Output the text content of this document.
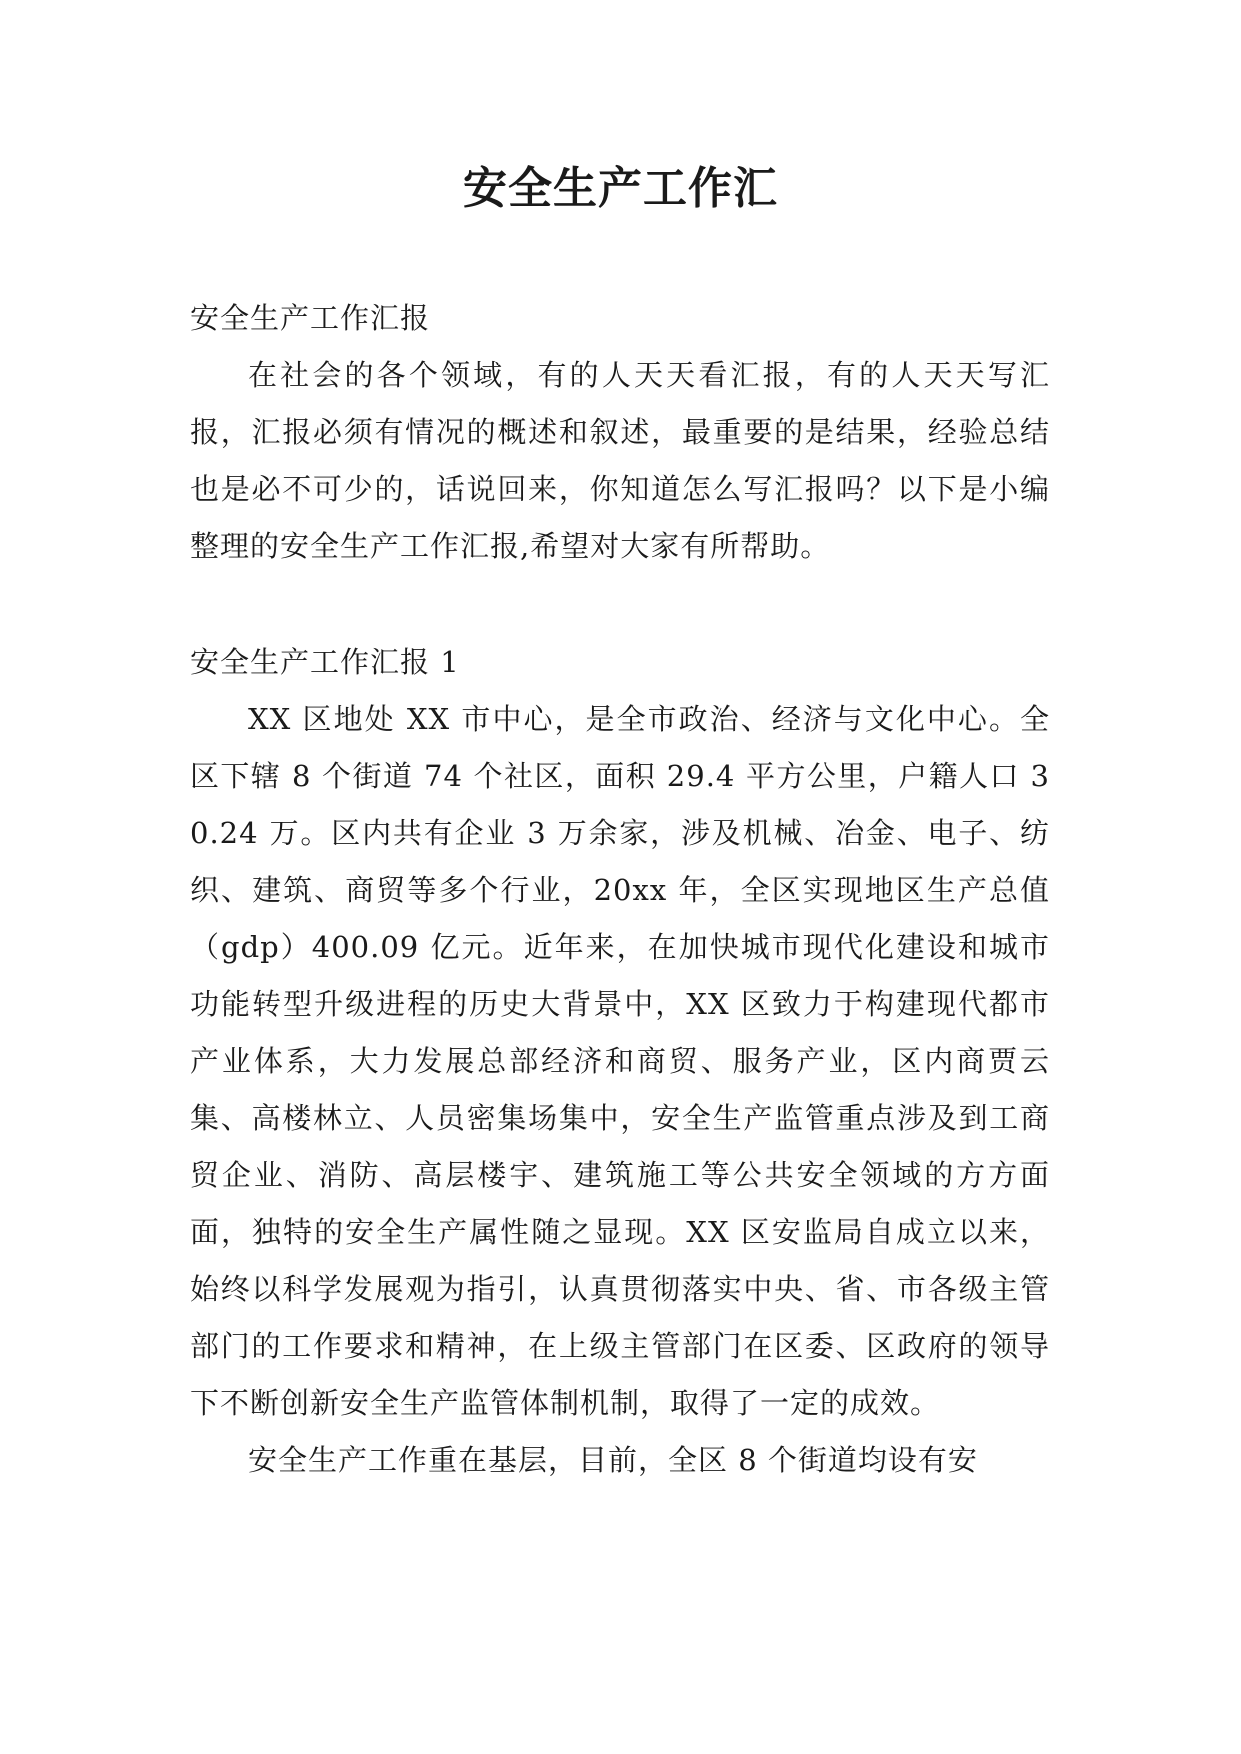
安全生产工作汇
安全生产工作汇报

在社会的各个领域，有的人天天看汇报，有的人天天写汇报，汇报必须有情况的概述和叙述，最重要的是结果，经验总结也是必不可少的，话说回来，你知道怎么写汇报吗？以下是小编整理的安全生产工作汇报,希望对大家有所帮助。

安全生产工作汇报 1

XX 区地处 XX 市中心，是全市政治、经济与文化中心。全区下辖 8 个街道 74 个社区，面积 29.4 平方公里，户籍人口 30.24 万。区内共有企业 3 万余家，涉及机械、冶金、电子、纺织、建筑、商贸等多个行业，20xx 年，全区实现地区生产总值（gdp）400.09 亿元。近年来，在加快城市现代化建设和城市功能转型升级进程的历史大背景中，XX 区致力于构建现代都市产业体系，大力发展总部经济和商贸、服务产业，区内商贾云集、高楼林立、人员密集场集中，安全生产监管重点涉及到工商贸企业、消防、高层楼宇、建筑施工等公共安全领域的方方面面，独特的安全生产属性随之显现。XX 区安监局自成立以来，始终以科学发展观为指引，认真贯彻落实中央、省、市各级主管部门的工作要求和精神，在上级主管部门在区委、区政府的领导下不断创新安全生产监管体制机制，取得了一定的成效。

安全生产工作重在基层，目前，全区 8 个街道均设有安
